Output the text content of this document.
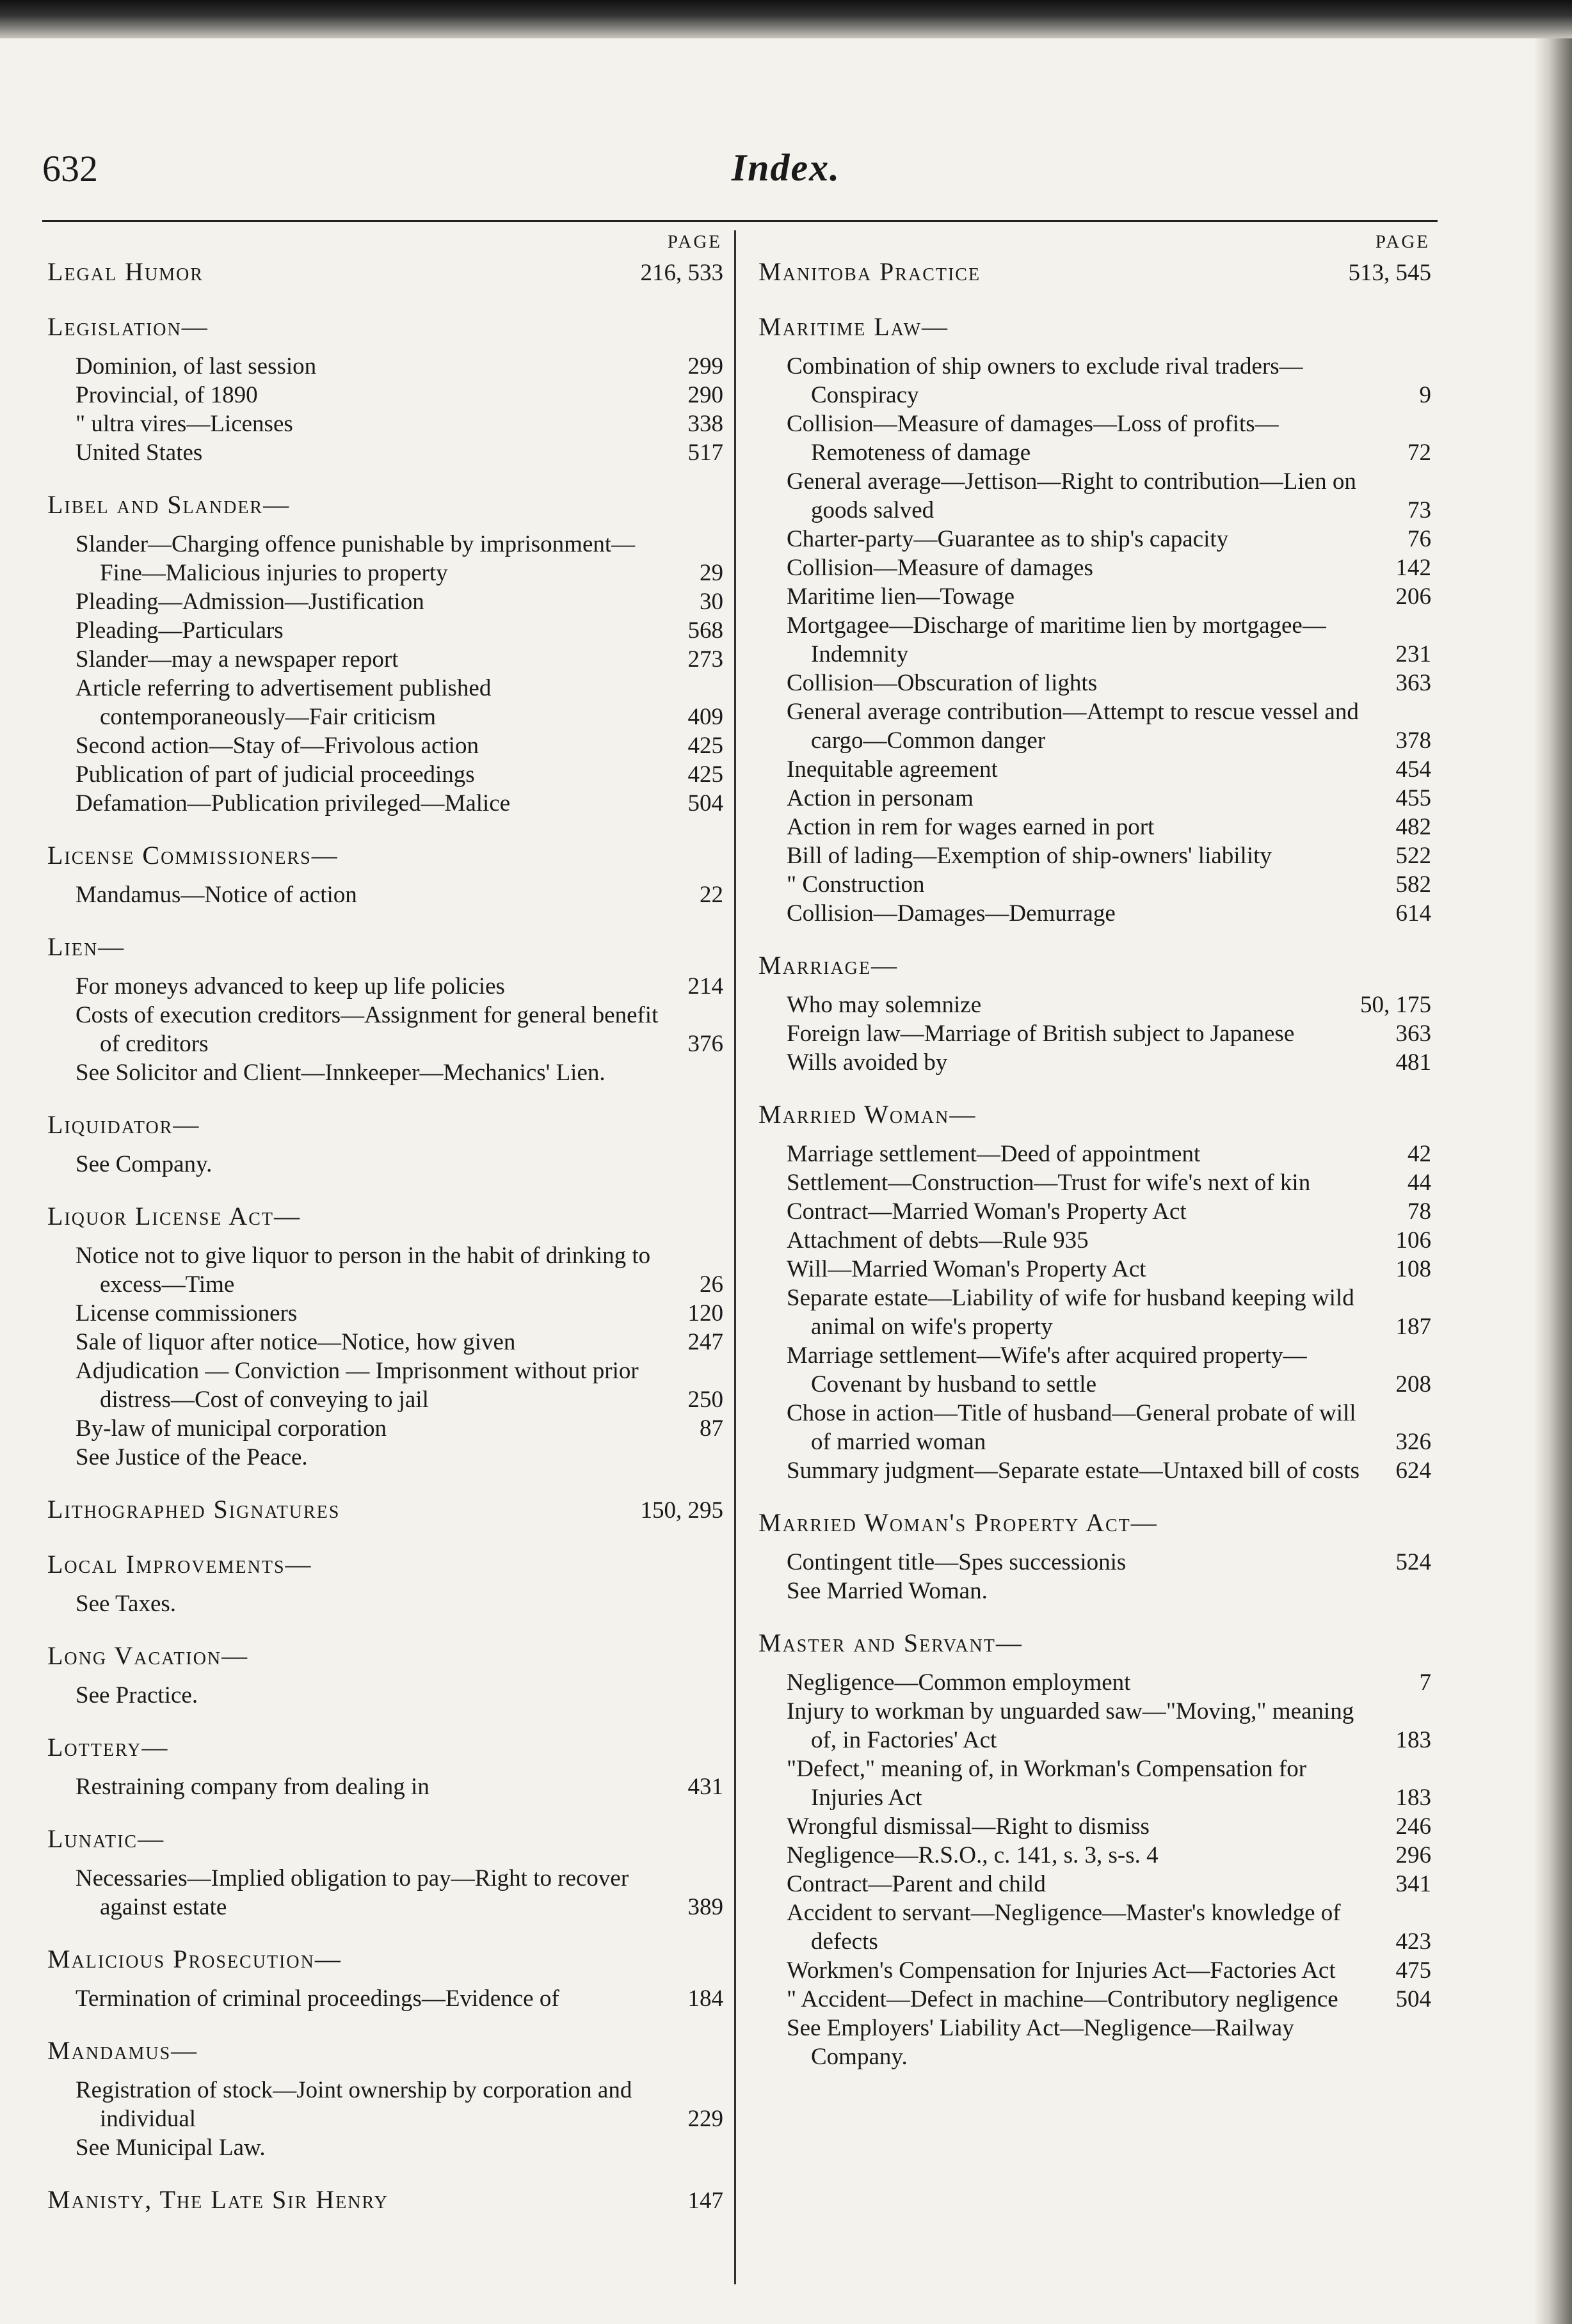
632	Index.
PAGE
Legal Humor	216, 533
Legislation—
Dominion, of last session	299
Provincial, of 1890	290
" ultra vires—Licenses	338
United States	517
Libel and Slander—
Slander—Charging offence punishable by imprisonment—Fine—Malicious injuries to property	29
Pleading—Admission—Justification	30
Pleading—Particulars	568
Slander—may a newspaper report	273
Article referring to advertisement published contemporaneously—Fair criticism	409
Second action—Stay of—Frivolous action	425
Publication of part of judicial proceedings	425
Defamation—Publication privileged—Malice	504
License Commissioners—
Mandamus—Notice of action	22
Lien—
For moneys advanced to keep up life policies	214
Costs of execution creditors—Assignment for general benefit of creditors	376
See Solicitor and Client—Innkeeper—Mechanics' Lien.
Liquidator—
See Company.
Liquor License Act—
Notice not to give liquor to person in the habit of drinking to excess—Time	26
License commissioners	120
Sale of liquor after notice—Notice, how given	247
Adjudication — Conviction — Imprisonment without prior distress—Cost of conveying to jail	250
By-law of municipal corporation	87
See Justice of the Peace.
Lithographed Signatures	150, 295
Local Improvements—
See Taxes.
Long Vacation—
See Practice.
Lottery—
Restraining company from dealing in	431
Lunatic—
Necessaries—Implied obligation to pay—Right to recover against estate	389
Malicious Prosecution—
Termination of criminal proceedings—Evidence of	184
Mandamus—
Registration of stock—Joint ownership by corporation and individual	229
See Municipal Law.
Manisty, The Late Sir Henry	147
PAGE
Manitoba Practice	513, 545
Maritime Law—
Combination of ship owners to exclude rival traders—Conspiracy	9
Collision—Measure of damages—Loss of profits—Remoteness of damage	72
General average—Jettison—Right to contribution—Lien on goods salved	73
Charter-party—Guarantee as to ship's capacity	76
Collision—Measure of damages	142
Maritime lien—Towage	206
Mortgagee—Discharge of maritime lien by mortgagee—Indemnity	231
Collision—Obscuration of lights	363
General average contribution—Attempt to rescue vessel and cargo—Common danger	378
Inequitable agreement	454
Action in personam	455
Action in rem for wages earned in port	482
Bill of lading—Exemption of ship-owners' liability	522
" Construction	582
Collision—Damages—Demurrage	614
Marriage—
Who may solemnize	50, 175
Foreign law—Marriage of British subject to Japanese	363
Wills avoided by	481
Married Woman—
Marriage settlement—Deed of appointment	42
Settlement—Construction—Trust for wife's next of kin	44
Contract—Married Woman's Property Act	78
Attachment of debts—Rule 935	106
Will—Married Woman's Property Act	108
Separate estate—Liability of wife for husband keeping wild animal on wife's property	187
Marriage settlement—Wife's after acquired property—Covenant by husband to settle	208
Chose in action—Title of husband—General probate of will of married woman	326
Summary judgment—Separate estate—Untaxed bill of costs	624
Married Woman's Property Act—
Contingent title—Spes successionis	524
See Married Woman.
Master and Servant—
Negligence—Common employment	7
Injury to workman by unguarded saw—"Moving," meaning of, in Factories' Act	183
"Defect," meaning of, in Workman's Compensation for Injuries Act	183
Wrongful dismissal—Right to dismiss	246
Negligence—R.S.O., c. 141, s. 3, s-s. 4	296
Contract—Parent and child	341
Accident to servant—Negligence—Master's knowledge of defects	423
Workmen's Compensation for Injuries Act—Factories Act	475
" Accident—Defect in machine—Contributory negligence	504
See Employers' Liability Act—Negligence—Railway Company.
